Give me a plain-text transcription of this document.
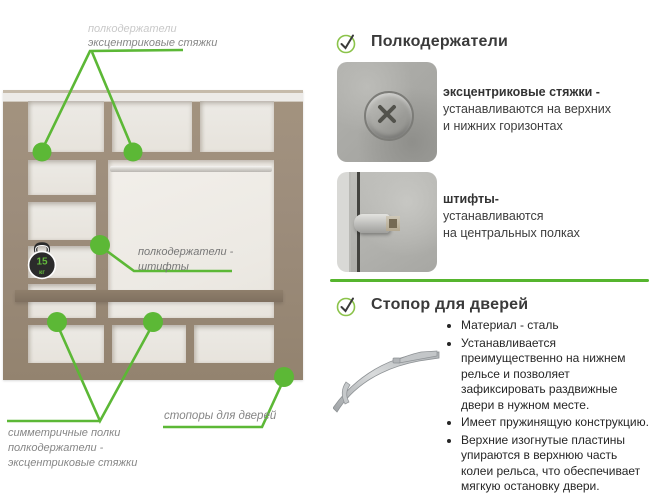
15
кг
полкодержатели
эксцентриковые стяжки
полкодержатели -
штифты
симметричные полки
полкодержатели -
эксцентриковые стяжки
стопоры для дверей
Полкодержатели
эксцентриковые стяжки -
устанавливаются на верхних
и нижних горизонтах
штифты-
устанавливаются
на центральных полках
Стопор для дверей
• Материал - сталь
• Устанавливается преимущественно на нижнем рельсе и позволяет зафиксировать раздвижные двери в нужном месте.
• Имеет пружинящую конструкцию.
• Верхние изогнутые пластины упираются в верхнюю часть колеи рельса, что обеспечивает мягкую остановку двери.
